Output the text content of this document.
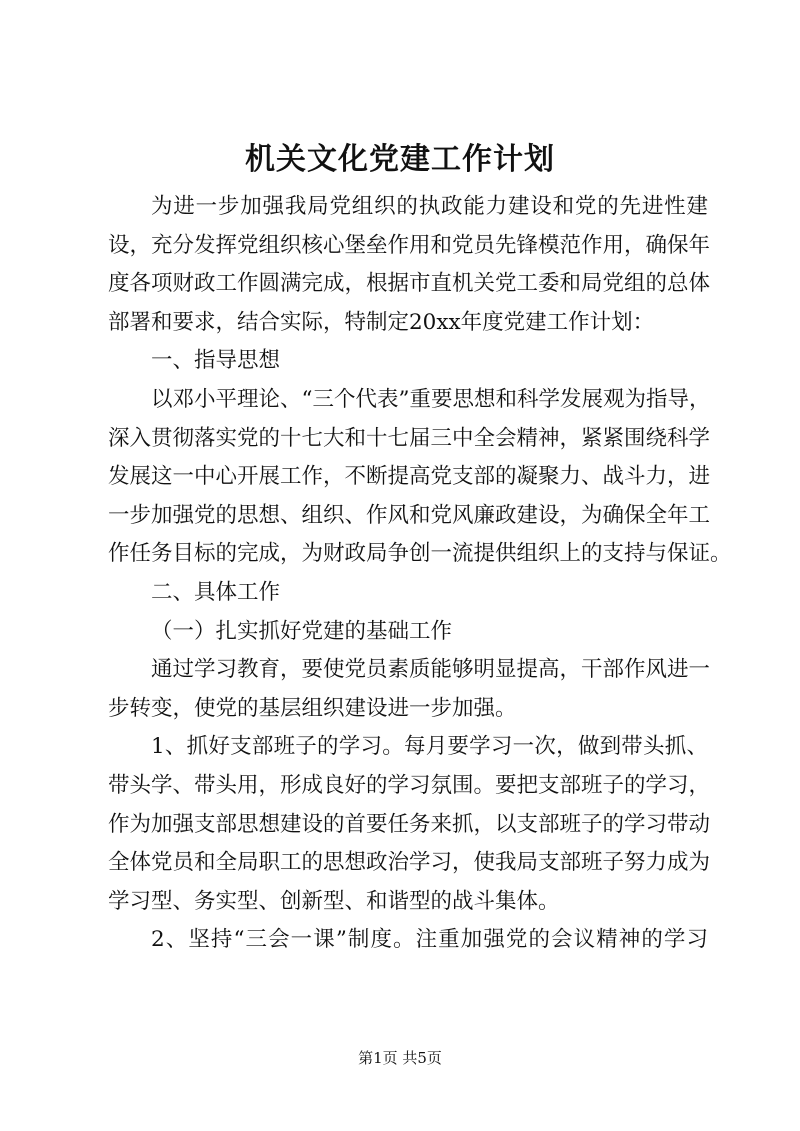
机关文化党建工作计划
为进一步加强我局党组织的执政能力建设和党的先进性建
设，充分发挥党组织核心堡垒作用和党员先锋模范作用，确保年
度各项财政工作圆满完成，根据市直机关党工委和局党组的总体
部署和要求，结合实际，特制定20xx年度党建工作计划：
一、指导思想
以邓小平理论、“三个代表”重要思想和科学发展观为指导，
深入贯彻落实党的十七大和十七届三中全会精神，紧紧围绕科学
发展这一中心开展工作，不断提高党支部的凝聚力、战斗力，进
一步加强党的思想、组织、作风和党风廉政建设，为确保全年工
作任务目标的完成，为财政局争创一流提供组织上的支持与保证。
二、具体工作
（一）扎实抓好党建的基础工作
通过学习教育，要使党员素质能够明显提高，干部作风进一
步转变，使党的基层组织建设进一步加强。
1、抓好支部班子的学习。每月要学习一次，做到带头抓、
带头学、带头用，形成良好的学习氛围。要把支部班子的学习，
作为加强支部思想建设的首要任务来抓，以支部班子的学习带动
全体党员和全局职工的思想政治学习，使我局支部班子努力成为
学习型、务实型、创新型、和谐型的战斗集体。
2、坚持“三会一课”制度。注重加强党的会议精神的学习
第1页 共5页
